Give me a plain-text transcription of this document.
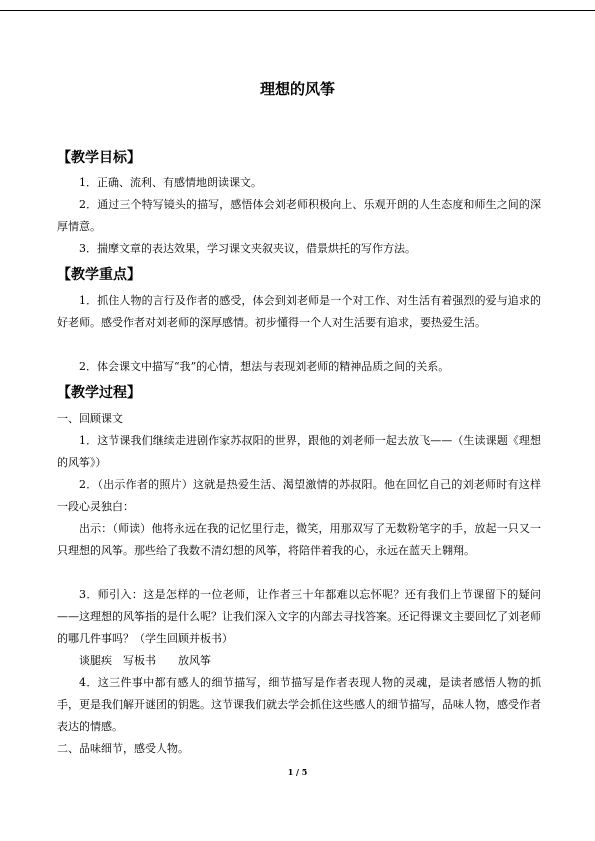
理想的风筝
【教学目标】

1．正确、流利、有感情地朗读课文。

2．通过三个特写镜头的描写，感悟体会刘老师积极向上、乐观开朗的人生态度和师生之间的深厚情意。

3．揣摩文章的表达效果，学习课文夹叙夹议，借景烘托的写作方法。

【教学重点】

1．抓住人物的言行及作者的感受，体会到刘老师是一个对工作、对生活有着强烈的爱与追求的好老师。感受作者对刘老师的深厚感情。初步懂得一个人对生活要有追求，要热爱生活。

2．体会课文中描写“我”的心情，想法与表现刘老师的精神品质之间的关系。

【教学过程】

一、回顾课文

1．这节课我们继续走进剧作家苏叔阳的世界，跟他的刘老师一起去放飞——（生读课题《理想的风筝》）

2．（出示作者的照片）这就是热爱生活、渴望激情的苏叔阳。他在回忆自己的刘老师时有这样一段心灵独白：

出示：（师读）他将永远在我的记忆里行走，微笑，用那双写了无数粉笔字的手，放起一只又一只理想的风筝。那些给了我数不清幻想的风筝，将陪伴着我的心，永远在蓝天上翱翔。

3．师引入：这是怎样的一位老师，让作者三十年都难以忘怀呢？还有我们上节课留下的疑问——这理想的风筝指的是什么呢？让我们深入文字的内部去寻找答案。还记得课文主要回忆了刘老师的哪几件事吗？（学生回顾并板书）

谈腿疾　写板书　　放风筝

4．这三件事中都有感人的细节描写，细节描写是作者表现人物的灵魂，是读者感悟人物的抓手，更是我们解开谜团的钥匙。这节课我们就去学会抓住这些感人的细节描写，品味人物，感受作者表达的情感。

二、品味细节，感受人物。

1 / 5
